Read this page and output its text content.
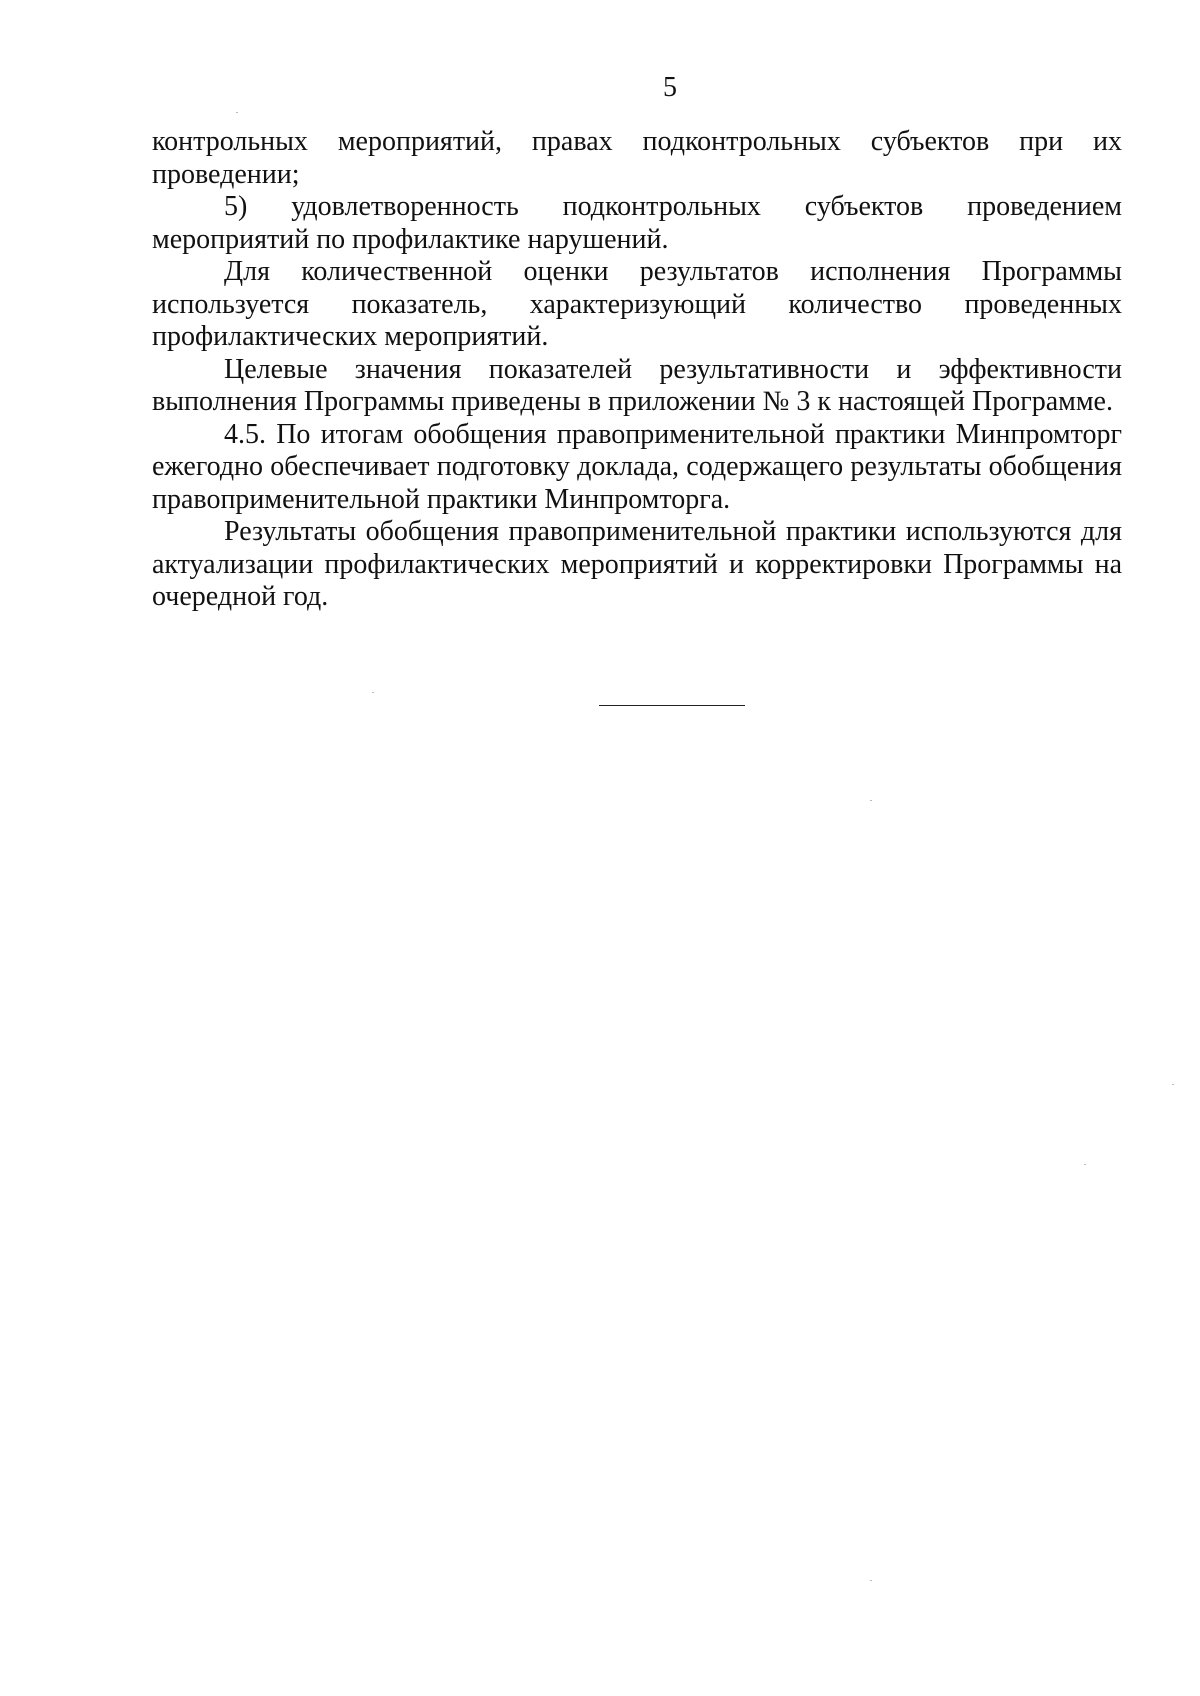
5

контрольных мероприятий, правах подконтрольных субъектов при их проведении;

5) удовлетворенность подконтрольных субъектов проведением мероприятий по профилактике нарушений.

Для количественной оценки результатов исполнения Программы используется показатель, характеризующий количество проведенных профилактических мероприятий.

Целевые значения показателей результативности и эффективности выполнения Программы приведены в приложении № 3 к настоящей Программе.

4.5. По итогам обобщения правоприменительной практики Минпромторг ежегодно обеспечивает подготовку доклада, содержащего результаты обобщения правоприменительной практики Минпромторга.

Результаты обобщения правоприменительной практики используются для актуализации профилактических мероприятий и корректировки Программы на очередной год.
